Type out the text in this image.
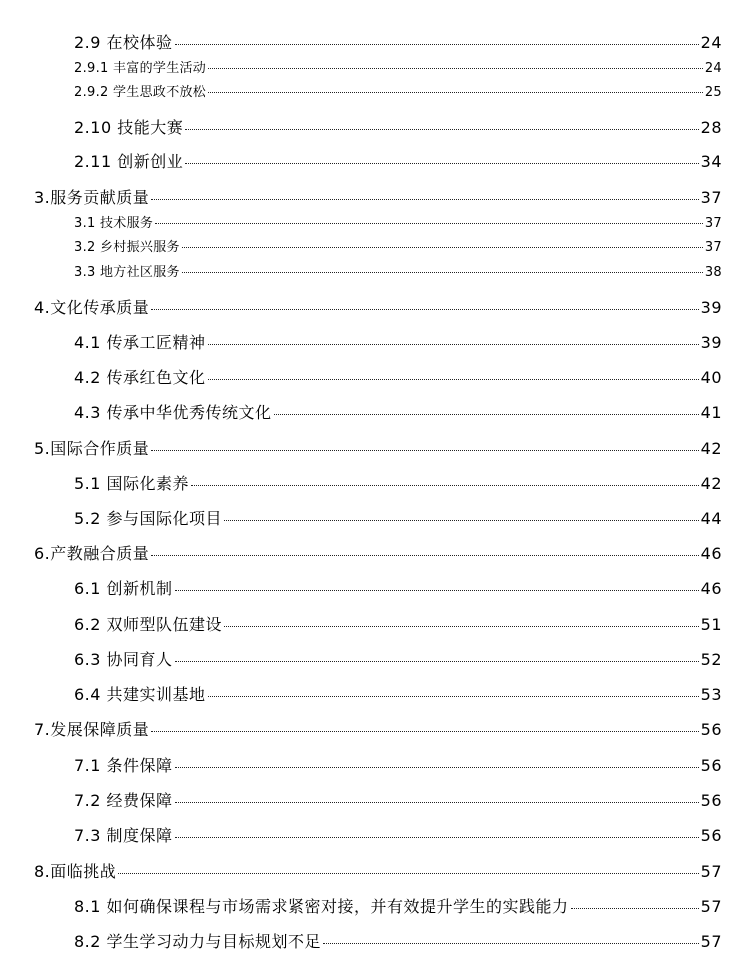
2.9 在校体验	24
2.9.1 丰富的学生活动	24
2.9.2 学生思政不放松	25
2.10 技能大赛	28
2.11 创新创业	34
3.服务贡献质量	37
3.1 技术服务	37
3.2 乡村振兴服务	37
3.3 地方社区服务	38
4.文化传承质量	39
4.1 传承工匠精神	39
4.2 传承红色文化	40
4.3 传承中华优秀传统文化	41
5.国际合作质量	42
5.1 国际化素养	42
5.2 参与国际化项目	44
6.产教融合质量	46
6.1 创新机制	46
6.2 双师型队伍建设	51
6.3 协同育人	52
6.4 共建实训基地	53
7.发展保障质量	56
7.1 条件保障	56
7.2 经费保障	56
7.3 制度保障	56
8.面临挑战	57
8.1 如何确保课程与市场需求紧密对接，并有效提升学生的实践能力	57
8.2 学生学习动力与目标规划不足	57
